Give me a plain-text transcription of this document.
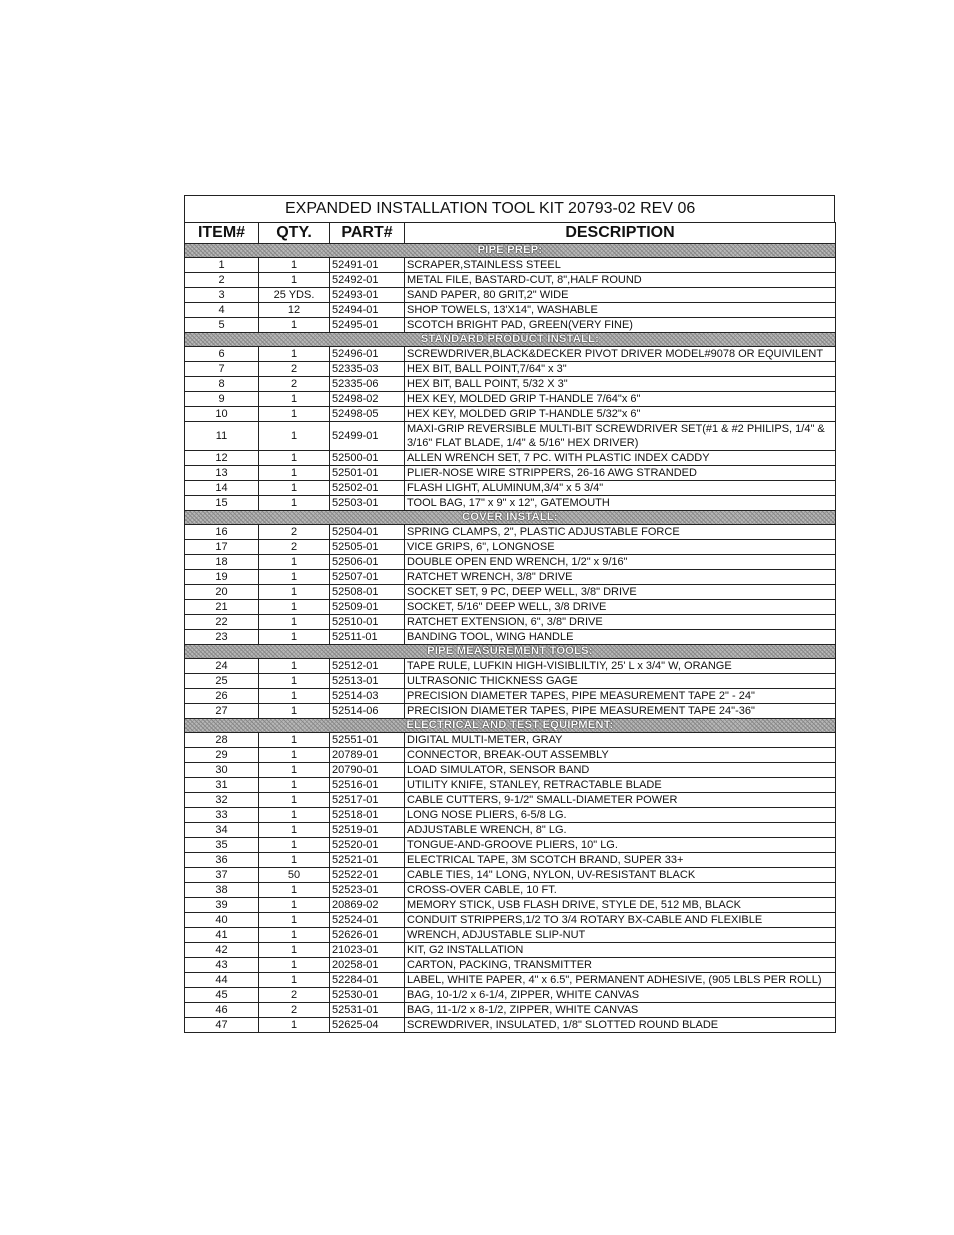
EXPANDED INSTALLATION TOOL KIT 20793-02 REV 06
ITEM#	QTY.	PART#	DESCRIPTION
PIPE PREP:			
1	1	52491-01	SCRAPER,STAINLESS STEEL
2	1	52492-01	METAL FILE, BASTARD-CUT, 8",HALF ROUND
3	25 YDS.	52493-01	SAND PAPER, 80 GRIT,2" WIDE
4	12	52494-01	SHOP TOWELS, 13'X14", WASHABLE
5	1	52495-01	SCOTCH BRIGHT PAD, GREEN(VERY FINE)
STANDARD PRODUCT INSTALL:			
6	1	52496-01	SCREWDRIVER,BLACK&DECKER PIVOT DRIVER MODEL#9078 OR EQUIVILENT
7	2	52335-03	HEX BIT, BALL POINT,7/64" x 3"
8	2	52335-06	HEX BIT, BALL POINT, 5/32 X 3"
9	1	52498-02	HEX KEY, MOLDED GRIP T-HANDLE 7/64"x 6"
10	1	52498-05	HEX KEY, MOLDED GRIP T-HANDLE 5/32"x 6"
11	1	52499-01	MAXI-GRIP REVERSIBLE MULTI-BIT SCREWDRIVER SET(#1 & #2 PHILIPS, 1/4" & 3/16" FLAT BLADE, 1/4" & 5/16" HEX DRIVER)
12	1	52500-01	ALLEN WRENCH SET, 7 PC. WITH PLASTIC INDEX CADDY
13	1	52501-01	PLIER-NOSE WIRE STRIPPERS, 26-16 AWG STRANDED
14	1	52502-01	FLASH LIGHT, ALUMINUM,3/4" x 5 3/4"
15	1	52503-01	TOOL BAG, 17" x 9" x 12", GATEMOUTH
COVER INSTALL:			
16	2	52504-01	SPRING CLAMPS, 2", PLASTIC ADJUSTABLE FORCE
17	2	52505-01	VICE GRIPS, 6", LONGNOSE
18	1	52506-01	DOUBLE OPEN END WRENCH, 1/2" x 9/16"
19	1	52507-01	RATCHET WRENCH, 3/8" DRIVE
20	1	52508-01	SOCKET SET, 9 PC, DEEP WELL, 3/8" DRIVE
21	1	52509-01	SOCKET, 5/16" DEEP WELL, 3/8 DRIVE
22	1	52510-01	RATCHET EXTENSION, 6", 3/8" DRIVE
23	1	52511-01	BANDING TOOL, WING HANDLE
PIPE MEASUREMENT TOOLS:			
24	1	52512-01	TAPE RULE, LUFKIN HIGH-VISIBLILTIY, 25' L x 3/4" W, ORANGE
25	1	52513-01	ULTRASONIC THICKNESS GAGE
26	1	52514-03	PRECISION DIAMETER TAPES, PIPE MEASUREMENT TAPE 2" - 24"
27	1	52514-06	PRECISION DIAMETER TAPES, PIPE MEASUREMENT TAPE 24"-36"
ELECTRICAL AND TEST EQUIPMENT:			
28	1	52551-01	DIGITAL MULTI-METER, GRAY
29	1	20789-01	CONNECTOR, BREAK-OUT ASSEMBLY
30	1	20790-01	LOAD SIMULATOR, SENSOR BAND
31	1	52516-01	UTILITY KNIFE, STANLEY, RETRACTABLE BLADE
32	1	52517-01	CABLE CUTTERS, 9-1/2" SMALL-DIAMETER POWER
33	1	52518-01	LONG NOSE PLIERS, 6-5/8 LG.
34	1	52519-01	ADJUSTABLE WRENCH, 8" LG.
35	1	52520-01	TONGUE-AND-GROOVE PLIERS, 10" LG.
36	1	52521-01	ELECTRICAL TAPE, 3M SCOTCH BRAND, SUPER 33+
37	50	52522-01	CABLE TIES, 14" LONG, NYLON, UV-RESISTANT BLACK
38	1	52523-01	CROSS-OVER CABLE, 10 FT.
39	1	20869-02	MEMORY STICK, USB FLASH DRIVE, STYLE DE, 512 MB, BLACK
40	1	52524-01	CONDUIT STRIPPERS,1/2 TO 3/4 ROTARY BX-CABLE AND FLEXIBLE
41	1	52626-01	WRENCH, ADJUSTABLE SLIP-NUT
42	1	21023-01	KIT, G2 INSTALLATION
43	1	20258-01	CARTON, PACKING, TRANSMITTER
44	1	52284-01	LABEL, WHITE PAPER, 4" x 6.5", PERMANENT ADHESIVE, (905 LBLS PER ROLL)
45	2	52530-01	BAG, 10-1/2 x 6-1/4, ZIPPER, WHITE CANVAS
46	2	52531-01	BAG, 11-1/2 x 8-1/2, ZIPPER, WHITE CANVAS
47	1	52625-04	SCREWDRIVER, INSULATED, 1/8" SLOTTED ROUND BLADE
